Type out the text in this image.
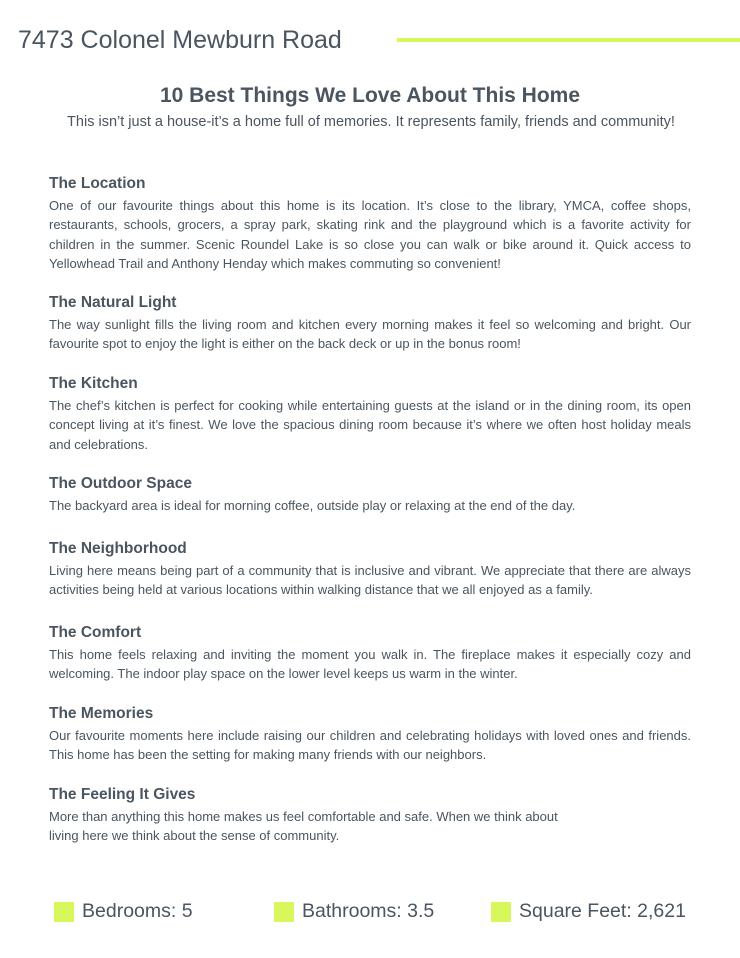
7473 Colonel Mewburn Road
10 Best Things We Love About This Home
This isn’t just a house-it’s a home full of memories. It represents family, friends and community!
The Location

One of our favourite things about this home is its location. It’s close to the library, YMCA, coffee shops, restaurants, schools, grocers, a spray park, skating rink and the playground which is a favorite activity for children in the summer. Scenic Roundel Lake is so close you can walk or bike around it. Quick access to Yellowhead Trail and Anthony Henday which makes commuting so convenient!

The Natural Light

The way sunlight fills the living room and kitchen every morning makes it feel so welcoming and bright. Our favourite spot to enjoy the light is either on the back deck or up in the bonus room!

The Kitchen

The chef’s kitchen is perfect for cooking while entertaining guests at the island or in the dining room, its open concept living at it’s finest. We love the spacious dining room because it’s where we often host holiday meals and celebrations.

The Outdoor Space

The backyard area is ideal for morning coffee, outside play or relaxing at the end of the day.

The Neighborhood

Living here means being part of a community that is inclusive and vibrant. We appreciate that there are always activities being held at various locations within walking distance that we all enjoyed as a family.

The Comfort

This home feels relaxing and inviting the moment you walk in. The fireplace makes it especially cozy and welcoming. The indoor play space on the lower level keeps us warm in the winter.

The Memories

Our favourite moments here include raising our children and celebrating holidays with loved ones and friends. This home has been the setting for making many friends with our neighbors.

The Feeling It Gives

More than anything this home makes us feel comfortable and safe. When we think about
living here we think about the sense of community.

Bedrooms: 5	Bathrooms: 3.5	Square Feet: 2,621
